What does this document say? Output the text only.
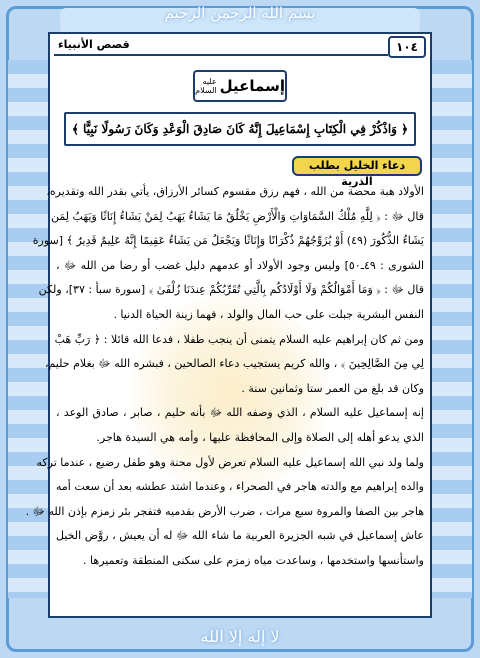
بسم الله الرحمن الرحيم
لا إله إلا الله
١٠٤
قصص الأنبياء
إسماعيل
عليه السلام
﴿ وَاذْكُرْ فِي الْكِتَابِ إِسْمَاعِيلَ إِنَّهُ كَانَ صَادِقَ الْوَعْدِ وَكَانَ رَسُولًا نَبِيًّا ﴾
دعاء الخليل بطلب الذرية
الأولاد هبة محضة من الله ، فهم رزق مقسوم كسائر الأرزاق، يأتي بقدر الله وتقديره،
قال ﷻ : ﴿ لِلَّهِ مُلْكُ السَّمَاوَاتِ وَالْأَرْضِ يَخْلُقُ مَا يَشَاءُ يَهَبُ لِمَنْ يَشَاءُ إِنَاثًا وَيَهَبُ لِمَن
يَشَاءُ الذُّكُورَ (٤٩) أَوْ يُزَوِّجُهُمْ ذُكْرَانًا وَإِنَاثًا وَيَجْعَلُ مَن يَشَاءُ عَقِيمًا إِنَّهُ عَلِيمٌ قَدِيرٌ ﴾ [سورة
الشورى : ٤٩ـ٥٠] وليس وجود الأولاد أو عدمهم دليل غضب أو رضا من الله ﷻ ،
قال ﷻ : ﴿ وَمَا أَمْوَالُكُمْ وَلَا أَوْلَادُكُم بِالَّتِي تُقَرِّبُكُمْ عِندَنَا زُلْفَىٰ ﴾ [سورة سبأ : ٣٧]، ولكن
النفس البشرية جبلت على حب المال والولد ، فهما زينة الحياة الدنيا .
ومن ثم كان إبراهيم عليه السلام يتمنى أن ينجب طفلا ، فدعا الله قائلا : ﴿ رَبِّ هَبْ
لِي مِنَ الصَّالِحِينَ ﴾ ، والله كريم يستجيب دعاء الصالحين ، فبشره الله ﷻ بغلام حليم،
وكان قد بلغ من العمر ستا وثمانين سنة .
إنه إسماعيل عليه السلام ، الذي وصفه الله ﷻ بأنه حليم ، صابر ، صادق الوعد ،
الذي يدعو أهله إلى الصلاة وإلى المحافظة عليها ، وأمه هي السيدة هاجر.
ولما ولد نبي الله إسماعيل عليه السلام تعرض لأول محنة وهو طفل رضيع ، عندما تركه
والده إبراهيم مع والدته هاجر في الصحراء ، وعندما اشتد عطشه بعد أن سعت أمه
هاجر بين الصفا والمروة سبع مرات ، ضرب الأرض بقدميه فتفجر بئر زمزم بإذن الله ﷻ .
عاش إسماعيل في شبه الجزيرة العربية ما شاء الله ﷻ له أن يعيش ، روَّض الخيل
واستأنسها واستخدمها ، وساعدت مياه زمزم على سكنى المنطقة وتعميرها .
